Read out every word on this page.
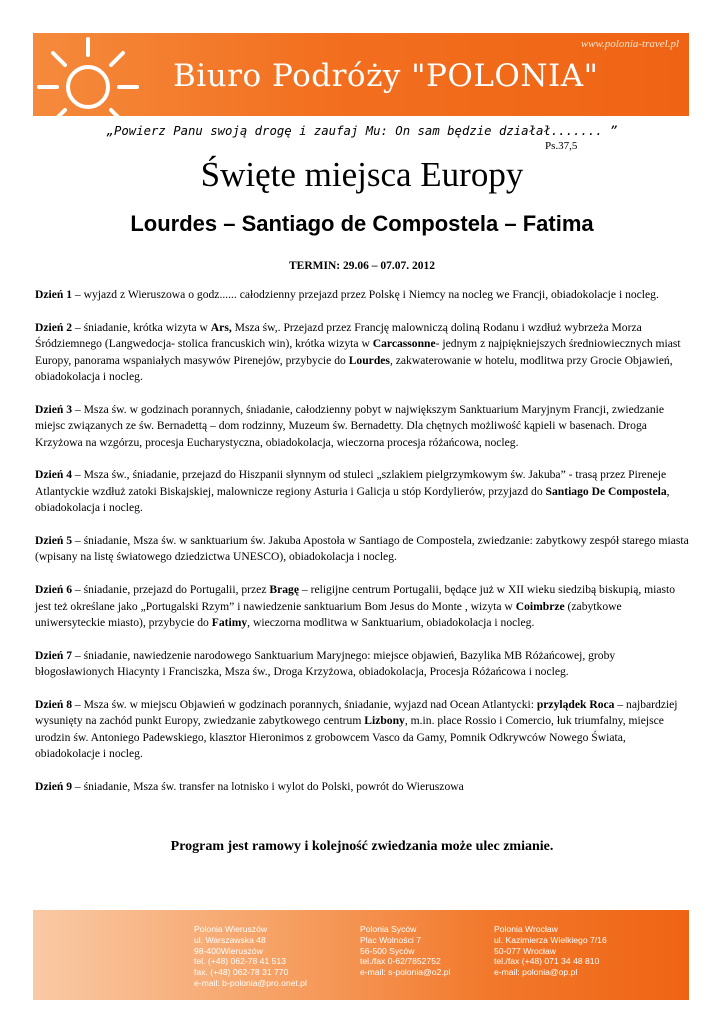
www.polonia-travel.pl
Biuro Podróży "POLONIA"
„Powierz Panu swoją drogę i zaufaj Mu: On sam będzie działał....... ”
Ps.37,5
Święte miejsca Europy
Lourdes – Santiago de Compostela – Fatima
TERMIN: 29.06 – 07.07. 2012

Dzień 1 – wyjazd z Wieruszowa o godz...... całodzienny przejazd przez Polskę i Niemcy na nocleg we Francji, obiadokolacje i nocleg.

Dzień 2 – śniadanie, krótka wizyta w Ars, Msza św,. Przejazd przez Francję malowniczą doliną Rodanu i wzdłuż wybrzeża Morza Śródziemnego (Langwedocja- stolica francuskich win), krótka wizyta w Carcassonne- jednym z najpiękniejszych średniowiecznych miast Europy, panorama wspaniałych masywów Pirenejów, przybycie do Lourdes, zakwaterowanie w hotelu, modlitwa przy Grocie Objawień, obiadokolacja i nocleg.

Dzień 3 – Msza św. w godzinach porannych, śniadanie, całodzienny pobyt w największym Sanktuarium Maryjnym Francji, zwiedzanie miejsc związanych ze św. Bernadettą – dom rodzinny, Muzeum św. Bernadetty. Dla chętnych możliwość kąpieli w basenach. Droga Krzyżowa na wzgórzu, procesja Eucharystyczna, obiadokolacja, wieczorna procesja różańcowa, nocleg.

Dzień 4 – Msza św., śniadanie, przejazd do Hiszpanii słynnym od stuleci „szlakiem pielgrzymkowym św. Jakuba” - trasą przez Pireneje Atlantyckie wzdłuż zatoki Biskajskiej, malownicze regiony Asturia i Galicja u stóp Kordylierów, przyjazd do Santiago De Compostela, obiadokolacja i nocleg.

Dzień 5 – śniadanie, Msza św. w sanktuarium św. Jakuba Apostoła w Santiago de Compostela, zwiedzanie: zabytkowy zespół starego miasta (wpisany na listę światowego dziedzictwa UNESCO), obiadokolacja i nocleg.

Dzień 6 – śniadanie, przejazd do Portugalii, przez Bragę – religijne centrum Portugalii, będące już w XII wieku siedzibą biskupią, miasto jest też określane jako „Portugalski Rzym” i nawiedzenie sanktuarium Bom Jesus do Monte , wizyta w Coimbrze (zabytkowe uniwersyteckie miasto), przybycie do Fatimy, wieczorna modlitwa w Sanktuarium, obiadokolacja i nocleg.

Dzień 7 – śniadanie, nawiedzenie narodowego Sanktuarium Maryjnego: miejsce objawień, Bazylika MB Różańcowej, groby błogosławionych Hiacynty i Franciszka, Msza św., Droga Krzyżowa, obiadokolacja, Procesja Różańcowa i nocleg.

Dzień 8 – Msza św. w miejscu Objawień w godzinach porannych, śniadanie, wyjazd nad Ocean Atlantycki: przylądek Roca – najbardziej wysunięty na zachód punkt Europy, zwiedzanie zabytkowego centrum Lizbony, m.in. place Rossio i Comercio, łuk triumfalny, miejsce urodzin św. Antoniego Padewskiego, klasztor Hieronimos z grobowcem Vasco da Gamy, Pomnik Odkrywców Nowego Świata, obiadokolacje i nocleg.

Dzień 9 – śniadanie, Msza św. transfer na lotnisko i wylot do Polski, powrót do Wieruszowa

Program jest ramowy i kolejność zwiedzania może ulec zmianie.
Polonia Wieruszów
ul. Warszawska 48
98-400Wieruszów
tel. (+48) 062-78 41 513
fax. (+48) 062-78 31 770
e-mail: b-polonia@pro.onet.pl
Polonia Syców
Plac Wolności 7
56-500 Syców
tel./fax 0-62/7852752
e-mail: s-polonia@o2.pl
Polonia Wrocław
ul. Kazimierza Wielkiego 7/16
50-077 Wrocław
tel./fax (+48) 071 34 48 810
e-mail: polonia@op.pl
